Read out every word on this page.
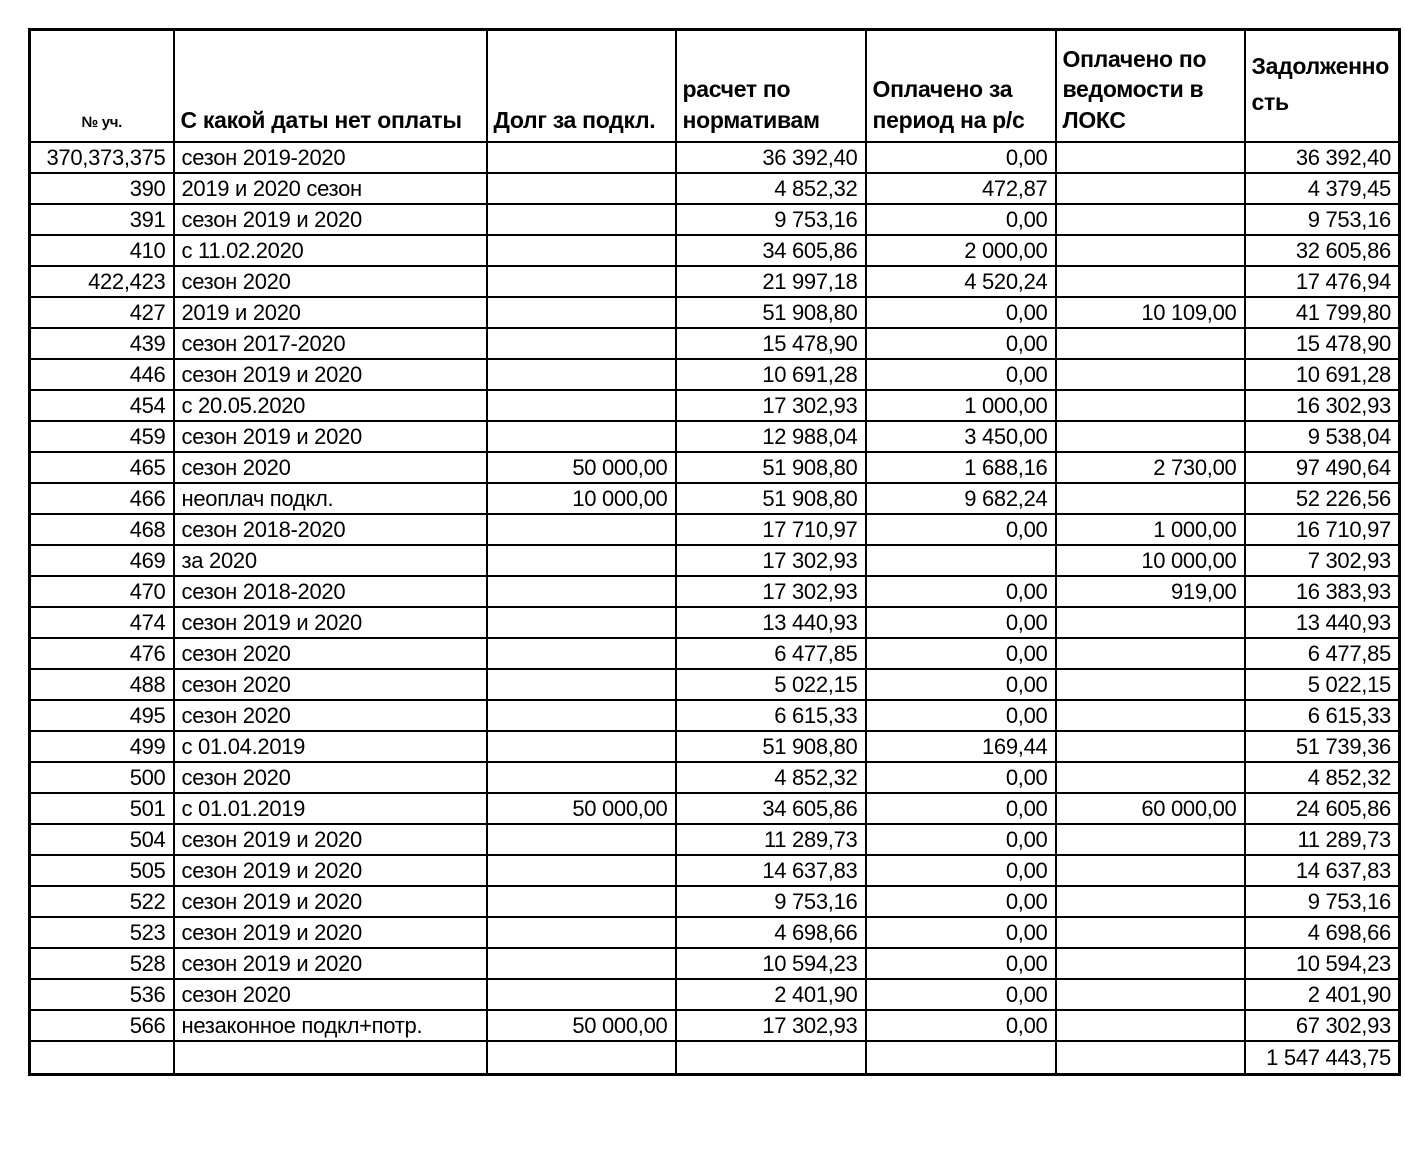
№ уч.	С какой даты нет оплаты	Долг за подкл.	расчет по нормативам	Оплачено за период на р/с	Оплачено по ведомости в ЛОКС	Задолженность
370,373,375	сезон 2019-2020		36 392,40	0,00		36 392,40
390	2019 и 2020 сезон		4 852,32	472,87		4 379,45
391	сезон 2019 и 2020		9 753,16	0,00		9 753,16
410	с 11.02.2020		34 605,86	2 000,00		32 605,86
422,423	сезон 2020		21 997,18	4 520,24		17 476,94
427	2019 и 2020		51 908,80	0,00	10 109,00	41 799,80
439	сезон 2017-2020		15 478,90	0,00		15 478,90
446	сезон 2019 и 2020		10 691,28	0,00		10 691,28
454	с 20.05.2020		17 302,93	1 000,00		16 302,93
459	сезон 2019 и 2020		12 988,04	3 450,00		9 538,04
465	сезон 2020	50 000,00	51 908,80	1 688,16	2 730,00	97 490,64
466	неоплач подкл.	10 000,00	51 908,80	9 682,24		52 226,56
468	сезон 2018-2020		17 710,97	0,00	1 000,00	16 710,97
469	за 2020		17 302,93		10 000,00	7 302,93
470	сезон 2018-2020		17 302,93	0,00	919,00	16 383,93
474	сезон 2019 и 2020		13 440,93	0,00		13 440,93
476	сезон 2020		6 477,85	0,00		6 477,85
488	сезон 2020		5 022,15	0,00		5 022,15
495	сезон 2020		6 615,33	0,00		6 615,33
499	с 01.04.2019		51 908,80	169,44		51 739,36
500	сезон 2020		4 852,32	0,00		4 852,32
501	с 01.01.2019	50 000,00	34 605,86	0,00	60 000,00	24 605,86
504	сезон 2019 и 2020		11 289,73	0,00		11 289,73
505	сезон 2019 и 2020		14 637,83	0,00		14 637,83
522	сезон 2019 и 2020		9 753,16	0,00		9 753,16
523	сезон 2019 и 2020		4 698,66	0,00		4 698,66
528	сезон 2019 и 2020		10 594,23	0,00		10 594,23
536	сезон 2020		2 401,90	0,00		2 401,90
566	незаконное подкл+потр.	50 000,00	17 302,93	0,00		67 302,93
						1 547 443,75
